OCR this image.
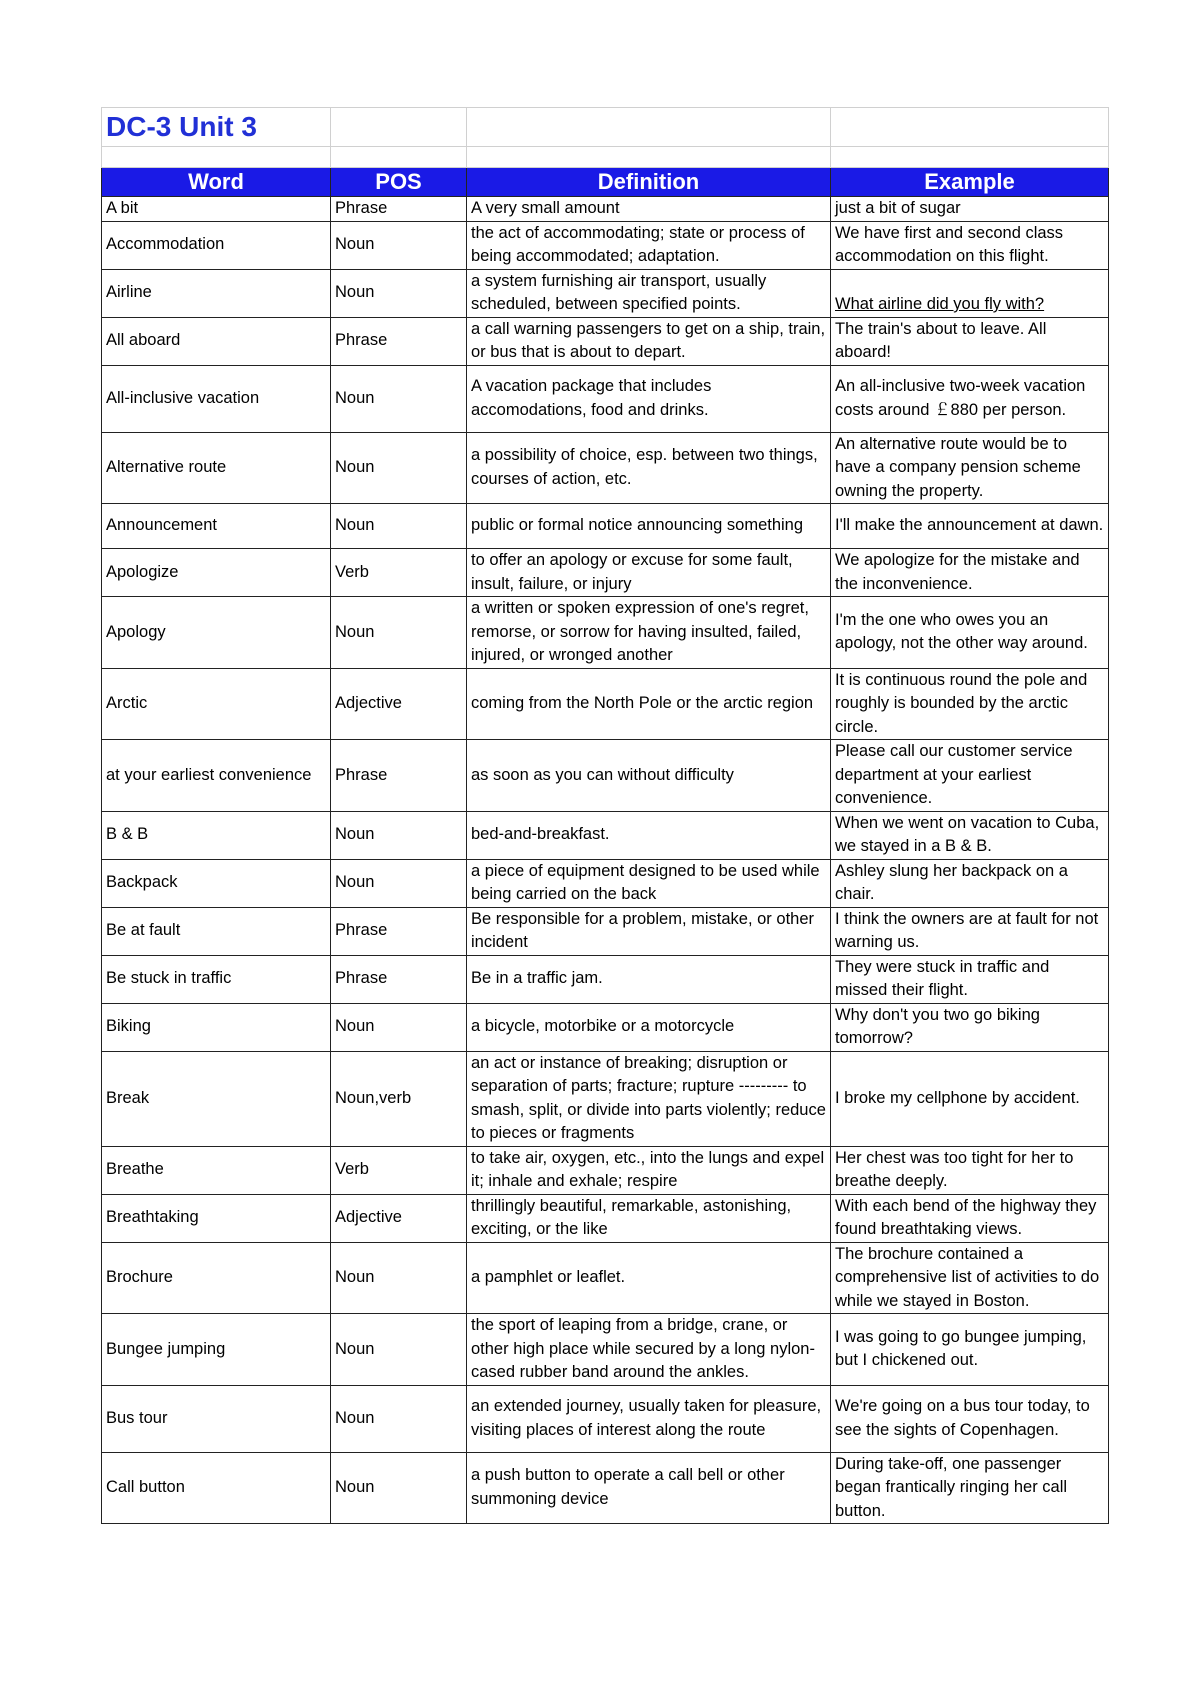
DC-3 Unit 3			

Word	POS	Definition	Example
A bit	Phrase	A very small amount	just a bit of sugar
Accommodation	Noun	the act of accommodating; state or process of being accommodated; adaptation.	We have first and second class accommodation on this flight.
Airline	Noun	a system furnishing air transport, usually scheduled, between specified points.	What airline did you fly with?
All aboard	Phrase	a call warning passengers to get on a ship, train, or bus that is about to depart.	The train's about to leave. All aboard!
All-inclusive vacation	Noun	A vacation package that includes accomodations, food and drinks.	An all-inclusive two-week vacation costs around ￡880 per person.
Alternative route	Noun	a possibility of choice, esp. between two things, courses of action, etc.	An alternative route would be to have a company pension scheme owning the property.
Announcement	Noun	public or formal notice announcing something	I'll make the announcement at dawn.
Apologize	Verb	to offer an apology or excuse for some fault, insult, failure, or injury	We apologize for the mistake and the inconvenience.
Apology	Noun	a written or spoken expression of one's regret, remorse, or sorrow for having insulted, failed, injured, or wronged another	I'm the one who owes you an apology, not the other way around.
Arctic	Adjective	coming from the North Pole or the arctic region	It is continuous round the pole and roughly is bounded by the arctic circle.
at your earliest convenience	Phrase	as soon as you can without difficulty	Please call our customer service department at your earliest convenience.
B & B	Noun	bed-and-breakfast.	When we went on vacation to Cuba, we stayed in a B & B.
Backpack	Noun	a piece of equipment designed to be used while being carried on the back	Ashley slung her backpack on a chair.
Be at fault	Phrase	Be responsible for a problem, mistake, or other incident	I think the owners are at fault for not warning us.
Be stuck in traffic	Phrase	Be in a traffic jam.	They were stuck in traffic and missed their flight.
Biking	Noun	a bicycle, motorbike or a motorcycle	Why don't you two go biking tomorrow?
Break	Noun,verb	an act or instance of breaking; disruption or separation of parts; fracture; rupture --------- to smash, split, or divide into parts violently; reduce to pieces or fragments	I broke my cellphone by accident.
Breathe	Verb	to take air, oxygen, etc., into the lungs and expel it; inhale and exhale; respire	Her chest was too tight for her to breathe deeply.
Breathtaking	Adjective	thrillingly beautiful, remarkable, astonishing, exciting, or the like	With each bend of the highway they found breathtaking views.
Brochure	Noun	a pamphlet or leaflet.	The brochure contained a comprehensive list of activities to do while we stayed in Boston.
Bungee jumping	Noun	the sport of leaping from a bridge, crane, or other high place while secured by a long nylon-cased rubber band around the ankles.	I was going to go bungee jumping, but I chickened out.
Bus tour	Noun	an extended journey, usually taken for pleasure, visiting places of interest along the route	We're going on a bus tour today, to see the sights of Copenhagen.
Call button	Noun	a push button to operate a call bell or other summoning device	During take-off, one passenger began frantically ringing her call button.
